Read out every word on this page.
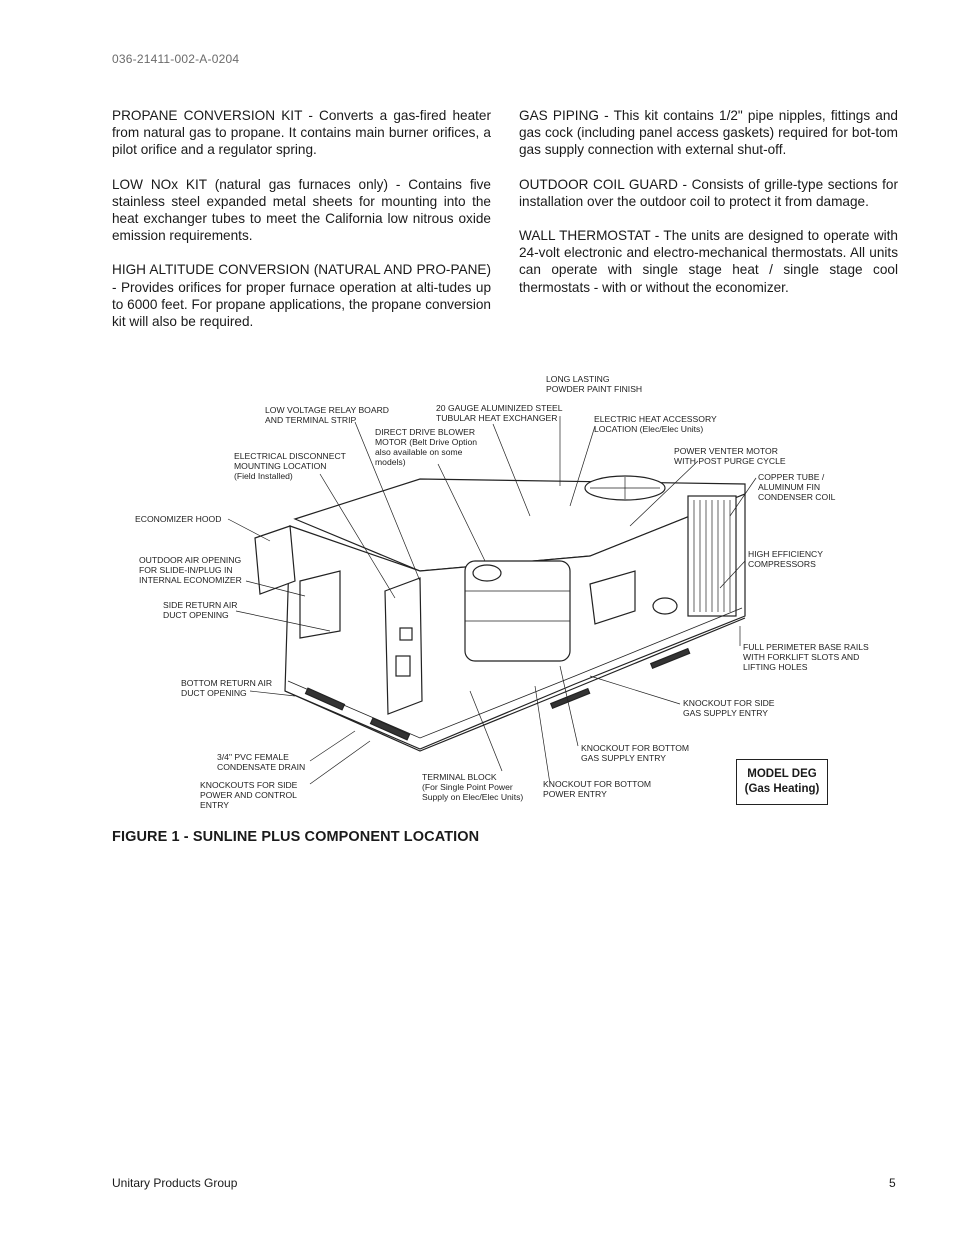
036-21411-002-A-0204

PROPANE CONVERSION KIT - Converts a gas-fired heater from natural gas to propane. It contains main burner orifices, a pilot orifice and a regulator spring.

LOW NOx KIT (natural gas furnaces only) - Contains five stainless steel expanded metal sheets for mounting into the heat exchanger tubes to meet the California low nitrous oxide emission requirements.

HIGH ALTITUDE CONVERSION (NATURAL AND PRO-PANE) - Provides orifices for proper furnace operation at alti-tudes up to 6000 feet. For propane applications, the propane conversion kit will also be required.

GAS PIPING - This kit contains 1/2" pipe nipples, fittings and gas cock (including panel access gaskets) required for bot-tom gas supply connection with external shut-off.

OUTDOOR COIL GUARD - Consists of grille-type sections for installation over the outdoor coil to protect it from damage.

WALL THERMOSTAT - The units are designed to operate with 24-volt electronic and electro-mechanical thermostats. All units can operate with single stage heat / single stage cool thermostats - with or without the economizer.

LONG LASTING
POWDER PAINT FINISH
LOW VOLTAGE RELAY BOARD
AND TERMINAL STRIP
20 GAUGE ALUMINIZED STEEL
TUBULAR HEAT EXCHANGER	ELECTRIC HEAT ACCESSORY
LOCATION (Elec/Elec Units)
DIRECT DRIVE BLOWER
MOTOR (Belt Drive Option
also available on some
models)
ELECTRICAL DISCONNECT
MOUNTING LOCATION
(Field Installed)
POWER VENTER MOTOR
WITH POST PURGE CYCLE
COPPER TUBE /
ALUMINUM FIN
CONDENSER COIL
ECONOMIZER HOOD
HIGH EFFICIENCY
COMPRESSORS
OUTDOOR AIR OPENING
FOR SLIDE-IN/PLUG IN
INTERNAL ECONOMIZER
SIDE RETURN AIR
DUCT OPENING
FULL PERIMETER BASE RAILS
WITH FORKLIFT SLOTS AND
LIFTING HOLES
BOTTOM RETURN AIR
DUCT OPENING
KNOCKOUT FOR SIDE
GAS SUPPLY ENTRY
KNOCKOUT FOR BOTTOM
GAS SUPPLY ENTRY
3/4" PVC FEMALE
CONDENSATE DRAIN
KNOCKOUTS FOR SIDE
POWER AND CONTROL
ENTRY
TERMINAL BLOCK
(For Single Point Power
Supply on Elec/Elec Units)
KNOCKOUT FOR BOTTOM
POWER ENTRY
MODEL DEG
(Gas Heating)
FIGURE 1 - SUNLINE PLUS COMPONENT LOCATION
Unitary Products Group	5
